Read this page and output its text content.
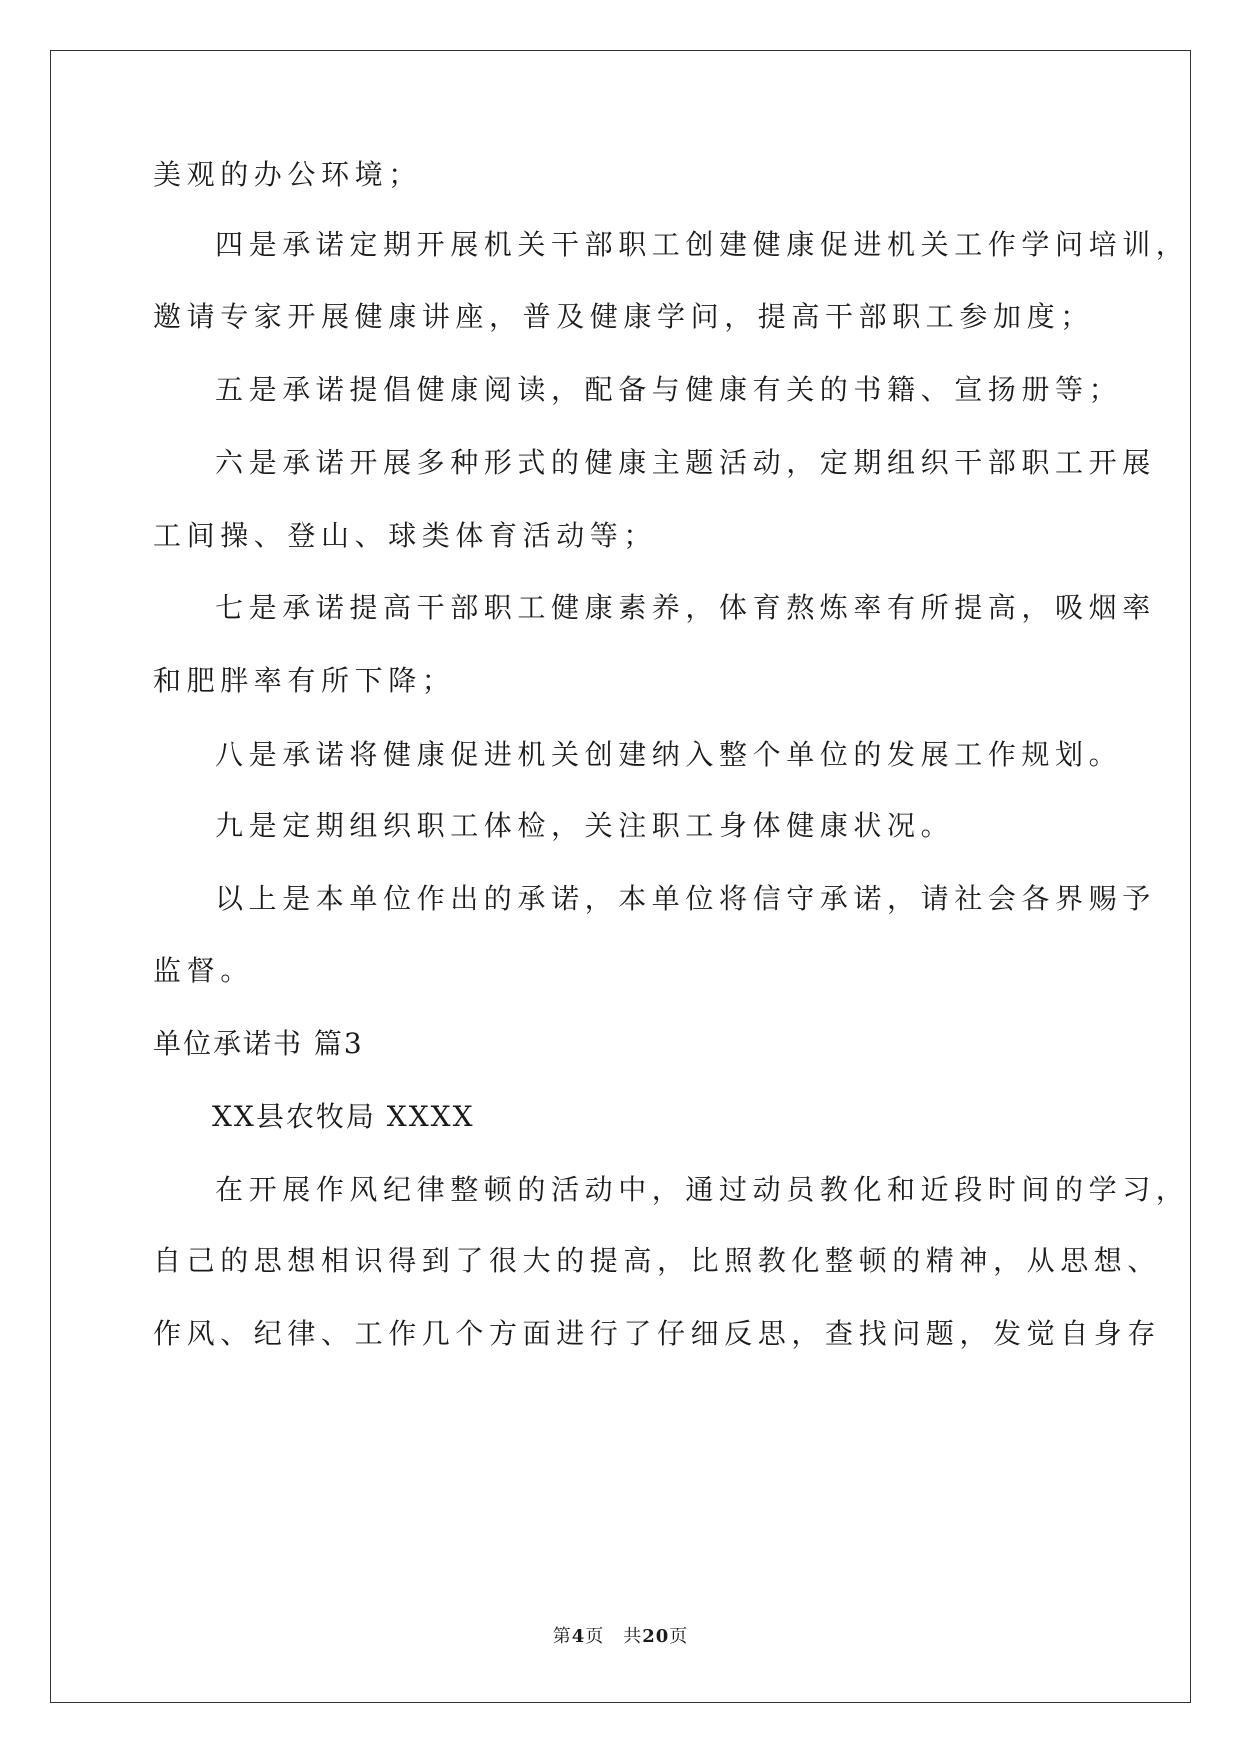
美观的办公环境；
四是承诺定期开展机关干部职工创建健康促进机关工作学问培训，
邀请专家开展健康讲座，普及健康学问，提高干部职工参加度；
五是承诺提倡健康阅读，配备与健康有关的书籍、宣扬册等；
六是承诺开展多种形式的健康主题活动，定期组织干部职工开展
工间操、登山、球类体育活动等；
七是承诺提高干部职工健康素养，体育熬炼率有所提高，吸烟率
和肥胖率有所下降；
八是承诺将健康促进机关创建纳入整个单位的发展工作规划。
九是定期组织职工体检，关注职工身体健康状况。
以上是本单位作出的承诺，本单位将信守承诺，请社会各界赐予
监督。
单位承诺书 篇3
XX县农牧局 XXXX
在开展作风纪律整顿的活动中，通过动员教化和近段时间的学习，
自己的思想相识得到了很大的提高，比照教化整顿的精神，从思想、
作风、纪律、工作几个方面进行了仔细反思，查找问题，发觉自身存
第4页　共20页
